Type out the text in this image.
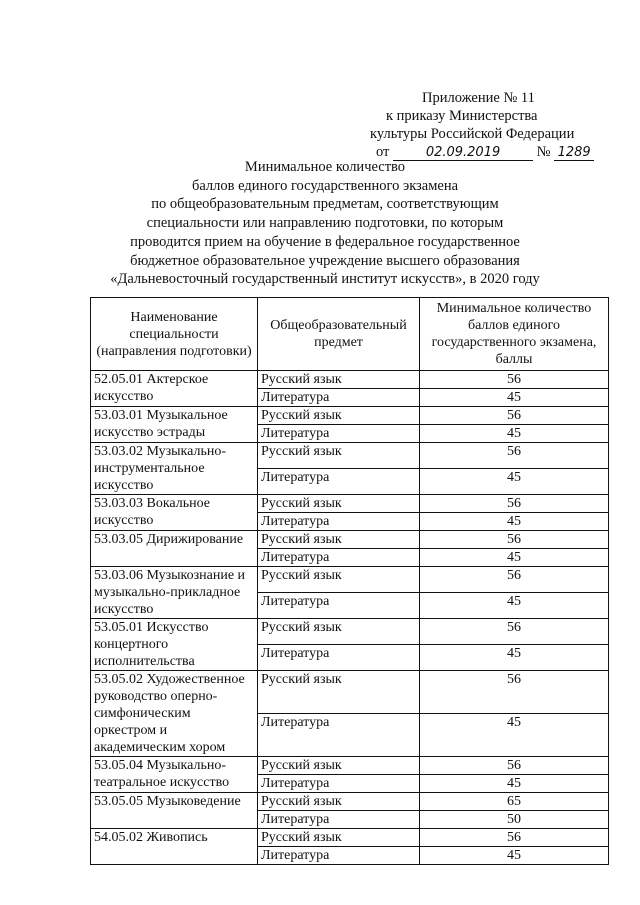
Приложение № 11
к приказу Министерства
культуры Российской Федерации
от	02.09.2019	№ 1289
Минимальное количество
баллов единого государственного экзамена
по общеобразовательным предметам, соответствующим
специальности или направлению подготовки, по которым
проводится прием на обучение в федеральное государственное
бюджетное образовательное учреждение высшего образования
«Дальневосточный государственный институт искусств», в 2020 году
Наименование специальности (направления подготовки)	Общеобразовательный предмет	Минимальное количество баллов единого государственного экзамена, баллы
52.05.01 Актерское искусство	Русский язык	56
	Литература	45
53.03.01 Музыкальное искусство эстрады	Русский язык	56
	Литература	45
53.03.02 Музыкально-инструментальное искусство	Русский язык	56
	Литература	45
53.03.03 Вокальное искусство	Русский язык	56
	Литература	45
53.03.05 Дирижирование	Русский язык	56
	Литература	45
53.03.06 Музыкознание и музыкально-прикладное искусство	Русский язык	56
	Литература	45
53.05.01 Искусство концертного исполнительства	Русский язык	56
	Литература	45
53.05.02 Художественное руководство оперно-симфоническим оркестром и академическим хором	Русский язык	56
	Литература	45
53.05.04 Музыкально-театральное искусство	Русский язык	56
	Литература	45
53.05.05 Музыковедение	Русский язык	65
	Литература	50
54.05.02 Живопись	Русский язык	56
	Литература	45
